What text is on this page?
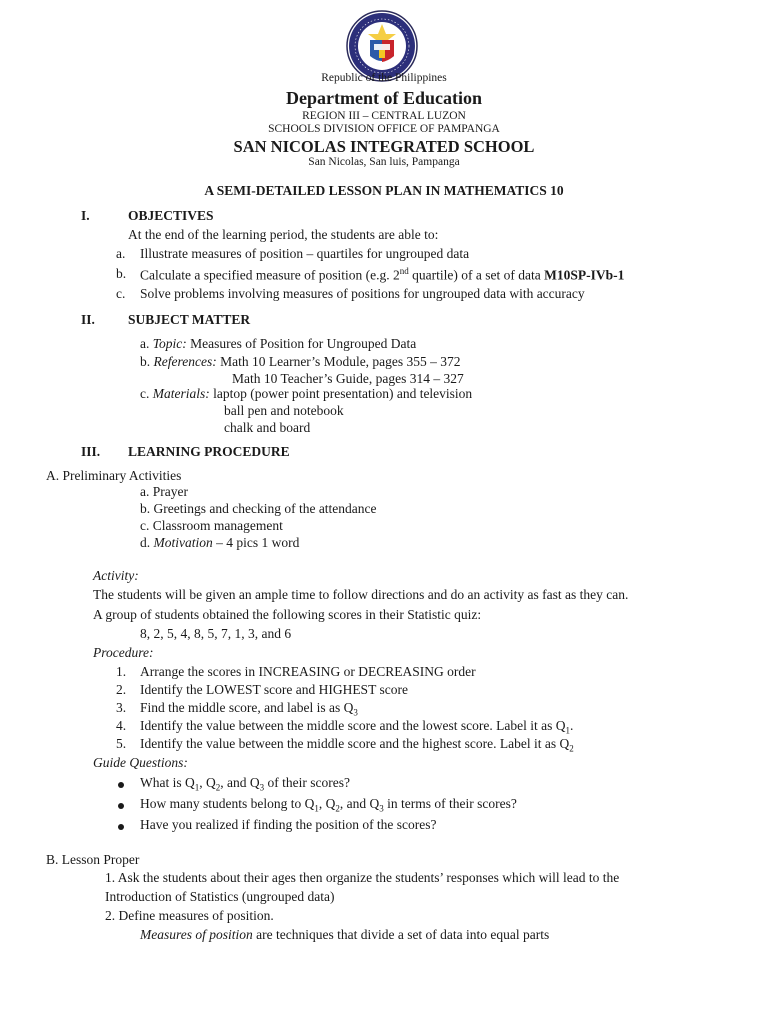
Republic of the Philippines
Department of Education
REGION III – CENTRAL LUZON
SCHOOLS DIVISION OFFICE OF PAMPANGA
SAN NICOLAS INTEGRATED SCHOOL
San Nicolas, San luis, Pampanga
A SEMI-DETAILED LESSON PLAN IN MATHEMATICS 10
I.	OBJECTIVES
At the end of the learning period, the students are able to:
a. Illustrate measures of position – quartiles for ungrouped data
b. Calculate a specified measure of position (e.g. 2nd quartile) of a set of data M10SP-IVb-1
c. Solve problems involving measures of positions for ungrouped data with accuracy
II. SUBJECT MATTER
a. Topic: Measures of Position for Ungrouped Data
b. References: Math 10 Learner’s Module, pages 355 – 372
Math 10 Teacher’s Guide, pages 314 – 327
c. Materials: laptop (power point presentation) and television
ball pen and notebook
chalk and board
III. LEARNING PROCEDURE
A. Preliminary Activities
a. Prayer
b. Greetings and checking of the attendance
c. Classroom management
d. Motivation – 4 pics 1 word
Activity:
The students will be given an ample time to follow directions and do an activity as fast as they can.
A group of students obtained the following scores in their Statistic quiz:
8, 2, 5, 4, 8, 5, 7, 1, 3, and 6
Procedure:
1. Arrange the scores in INCREASING or DECREASING order
2. Identify the LOWEST score and HIGHEST score
3. Find the middle score, and label is as $Q_3$
4. Identify the value between the middle score and the lowest score. Label it as $Q_1$.
5. Identify the value between the middle score and the highest score. Label it as $Q_2$
Guide Questions:
What is $Q_1$, $Q_2$, and $Q_3$ of their scores?
How many students belong to $Q_1$, $Q_2$, and $Q_3$ in terms of their scores?
Have you realized if finding the position of the scores?
B. Lesson Proper
1. Ask the students about their ages then organize the students’ responses which will lead to the
Introduction of Statistics (ungrouped data)
2. Define measures of position.
Measures of position are techniques that divide a set of data into equal parts
